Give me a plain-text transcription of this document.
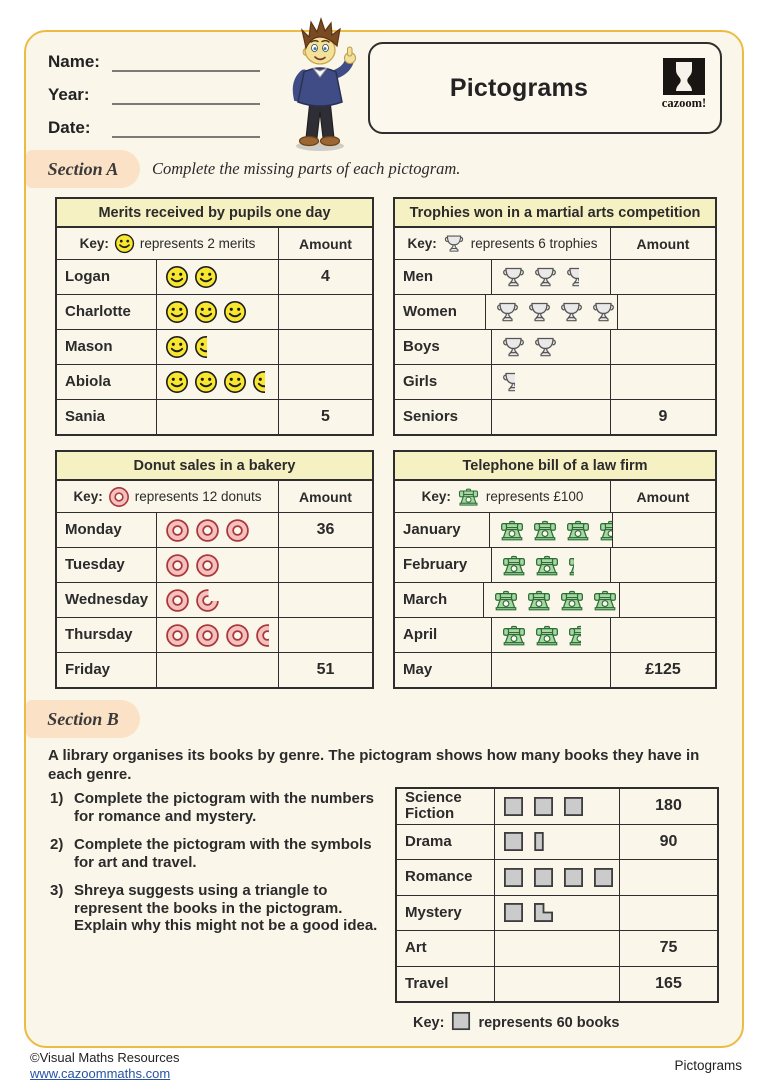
Name:
Year:
Date:
Pictograms
cazoom!
Section A	Complete the missing parts of each pictogram.
Merits received by pupils one day
Key: represents 2 merits	Amount
Logan	4
Charlotte
Mason
Abiola
Sania	5
Trophies won in a martial arts competition
Key:	represents 6 trophies	Amount
Men
Women
Boys
Girls
Seniors	9
Donut sales in a bakery
Key: represents 12 donuts	Amount
Monday	36
Tuesday
Wednesday
Thursday
Friday	51
Telephone bill of a law firm
Key:	represents £100	Amount
January
February
March
April
May	£125
Section B
A library organises its books by genre. The pictogram shows how many books they have in each genre.
1) Complete the pictogram with the numbers
for romance and mystery.
2) Complete the pictogram with the symbols
for art and travel.
3) Shreya suggests using a triangle to
represent the books in the pictogram.
Explain why this might not be a good idea.
Science Fiction	180
Drama	90
Romance
Mystery
Art	75
Travel	165
Key: represents 60 books
©Visual Maths Resources
www.cazoommaths.com
Pictograms
